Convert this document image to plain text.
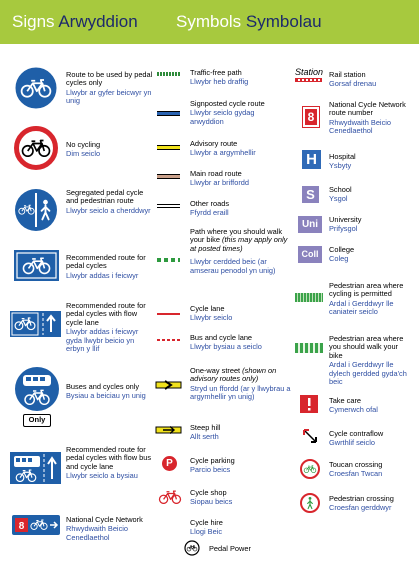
Signs Arwyddion Symbols Symbolau
Route to be used by pedal cycles only
Llwybr ar gyfer beicwyr yn unig
No cycling
Dim seiclo
Segregated pedal cycle and pedestrian route
Llwybr seiclo a cherddwyr
Recommended route for pedal cycles
Llwybr addas i feicwyr
Recommended route for pedal cycles with flow cycle lane
Llwybr addas i feicwyr gyda llwybr beicio yn erbyn y llif
Only
Buses and cycles only
Bysiau a beiciau yn unig
Recommended route for pedal cycles with flow bus and cycle lane
Llwybr seiclo a bysiau
8
National Cycle Network
Rhwydwaith Beicio Cenedlaethol
Traffic-free path
Llwybr heb draffig
Signposted cycle route
Llwybr seiclo gydag arwyddion
Advisory route
Llwybr a argymhellir
Main road route
Llwybr ar briffordd
Other roads
Ffyrdd eraill
Path where you should walk your bike (this may apply only at posted times)
Llwybr cerdded beic (ar amserau penodol yn unig)
Cycle lane
Llwybr seiclo
Bus and cycle lane
Llwybr bysiau a seiclo
One-way street (shown on advisory routes only)
Stryd un ffordd (ar y llwybrau a argymhellir yn unig)
Steep hill
Allt serth
P	Cycle parking
Parcio beics
Cycle shop
Siopau beics
Cycle hire
Llogi Beic
Pedal Power
Station Rail station
Gorsaf drenau
8
National Cycle Network route number
Rhwydwaith Beicio Cenedlaethol
H	Hospital
Ysbyty
S	School
Ysgol
Uni	University
Prifysgol
Coll	College
Coleg
Pedestrian area where cycling is permitted
Ardal i Gerddwyr lle caniateir seiclo
Pedestrian area where you should walk your bike
Ardal i Gerddwyr lle dylech gerdded gyda'ch beic
Take care
Cymerwch ofal
Cycle contraflow
Gwrthlif seiclo
Toucan crossing
Croesfan Twcan
Pedestrian crossing
Croesfan gerddwyr
